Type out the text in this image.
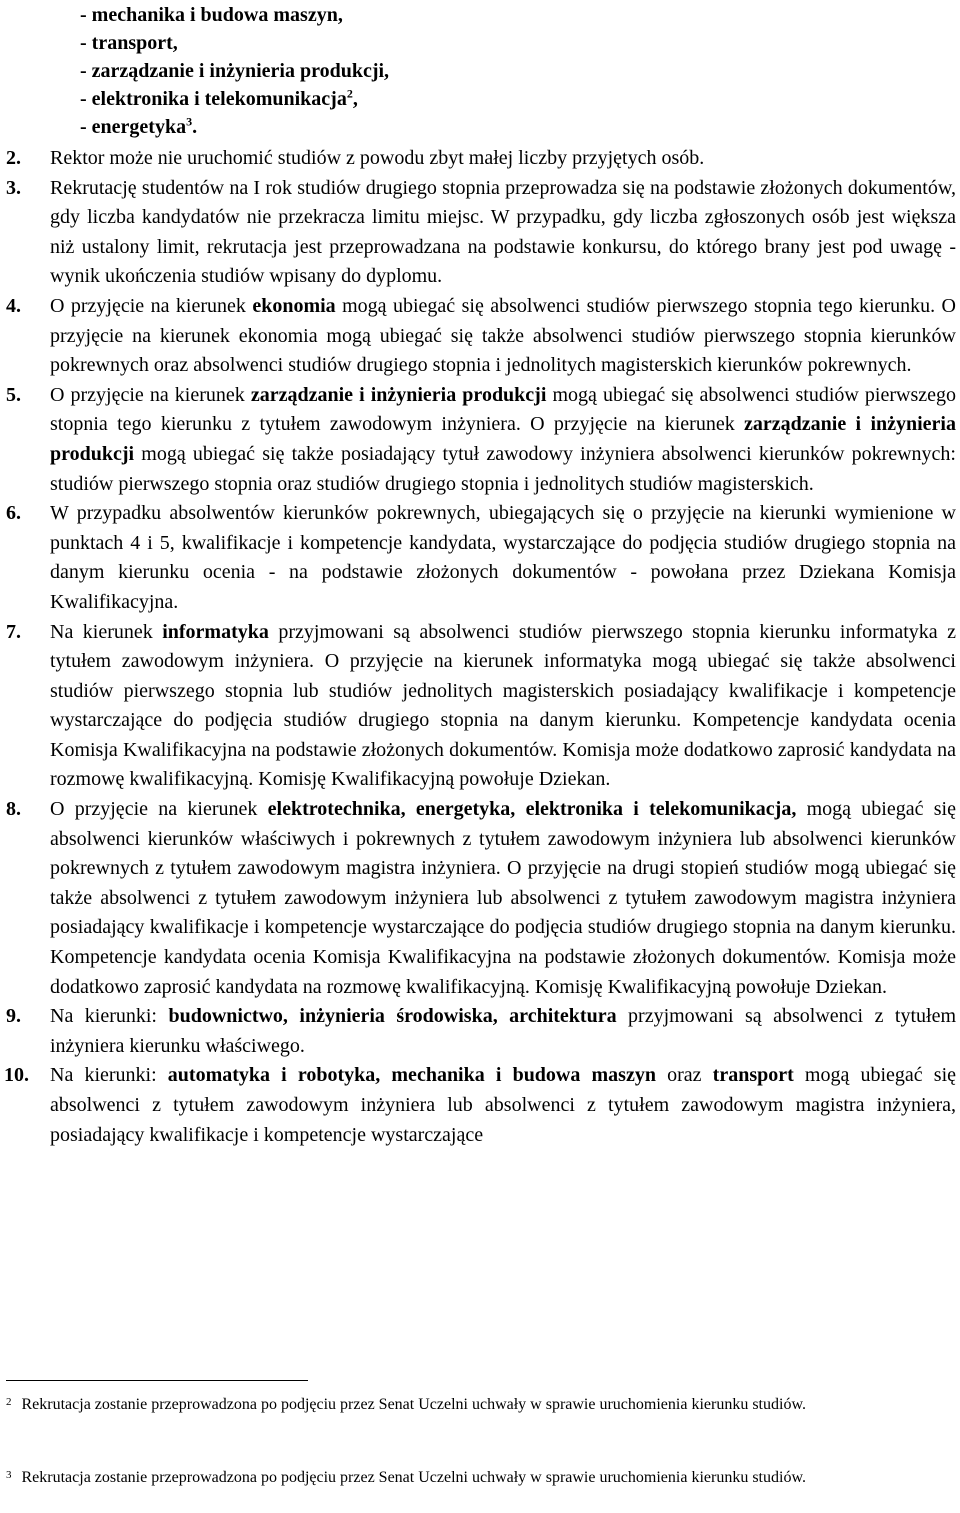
- mechanika i budowa maszyn,
- transport,
- zarządzanie i inżynieria produkcji,
- elektronika i telekomunikacja$^2$,
- energetyka$^3$.
2. Rektor może nie uruchomić studiów z powodu zbyt małej liczby przyjętych osób.
3. Rekrutację studentów na I rok studiów drugiego stopnia przeprowadza się na podstawie złożonych dokumentów, gdy liczba kandydatów nie przekracza limitu miejsc. W przypadku, gdy liczba zgłoszonych osób jest większa niż ustalony limit, rekrutacja jest przeprowadzana na podstawie konkursu, do którego brany jest pod uwagę - wynik ukończenia studiów wpisany do dyplomu.
4. O przyjęcie na kierunek ekonomia mogą ubiegać się absolwenci studiów pierwszego stopnia tego kierunku. O przyjęcie na kierunek ekonomia mogą ubiegać się także absolwenci studiów pierwszego stopnia kierunków pokrewnych oraz absolwenci studiów drugiego stopnia i jednolitych magisterskich kierunków pokrewnych.
5. O przyjęcie na kierunek zarządzanie i inżynieria produkcji mogą ubiegać się absolwenci studiów pierwszego stopnia tego kierunku z tytułem zawodowym inżyniera. O przyjęcie na kierunek zarządzanie i inżynieria produkcji mogą ubiegać się także posiadający tytuł zawodowy inżyniera absolwenci kierunków pokrewnych: studiów pierwszego stopnia oraz studiów drugiego stopnia i jednolitych studiów magisterskich.
6. W przypadku absolwentów kierunków pokrewnych, ubiegających się o przyjęcie na kierunki wymienione w punktach 4 i 5, kwalifikacje i kompetencje kandydata, wystarczające do podjęcia studiów drugiego stopnia na danym kierunku ocenia - na podstawie złożonych dokumentów - powołana przez Dziekana Komisja Kwalifikacyjna.
7. Na kierunek informatyka przyjmowani są absolwenci studiów pierwszego stopnia kierunku informatyka z tytułem zawodowym inżyniera. O przyjęcie na kierunek informatyka mogą ubiegać się także absolwenci studiów pierwszego stopnia lub studiów jednolitych magisterskich posiadający kwalifikacje i kompetencje wystarczające do podjęcia studiów drugiego stopnia na danym kierunku. Kompetencje kandydata ocenia Komisja Kwalifikacyjna na podstawie złożonych dokumentów. Komisja może dodatkowo zaprosić kandydata na rozmowę kwalifikacyjną. Komisję Kwalifikacyjną powołuje Dziekan.
8. O przyjęcie na kierunek elektrotechnika, energetyka, elektronika i telekomunikacja, mogą ubiegać się absolwenci kierunków właściwych i pokrewnych z tytułem zawodowym inżyniera lub absolwenci kierunków pokrewnych z tytułem zawodowym magistra inżyniera. O przyjęcie na drugi stopień studiów mogą ubiegać się także absolwenci z tytułem zawodowym inżyniera lub absolwenci z tytułem zawodowym magistra inżyniera posiadający kwalifikacje i kompetencje wystarczające do podjęcia studiów drugiego stopnia na danym kierunku. Kompetencje kandydata ocenia Komisja Kwalifikacyjna na podstawie złożonych dokumentów. Komisja może dodatkowo zaprosić kandydata na rozmowę kwalifikacyjną. Komisję Kwalifikacyjną powołuje Dziekan.
9. Na kierunki: budownictwo, inżynieria środowiska, architektura przyjmowani są absolwenci z tytułem inżyniera kierunku właściwego.
10. Na kierunki: automatyka i robotyka, mechanika i budowa maszyn oraz transport mogą ubiegać się absolwenci z tytułem zawodowym inżyniera lub absolwenci z tytułem zawodowym magistra inżyniera, posiadający kwalifikacje i kompetencje wystarczające
$^2$ Rekrutacja zostanie przeprowadzona po podjęciu przez Senat Uczelni uchwały w sprawie uruchomienia kierunku studiów.
$^3$ Rekrutacja zostanie przeprowadzona po podjęciu przez Senat Uczelni uchwały w sprawie uruchomienia kierunku studiów.
